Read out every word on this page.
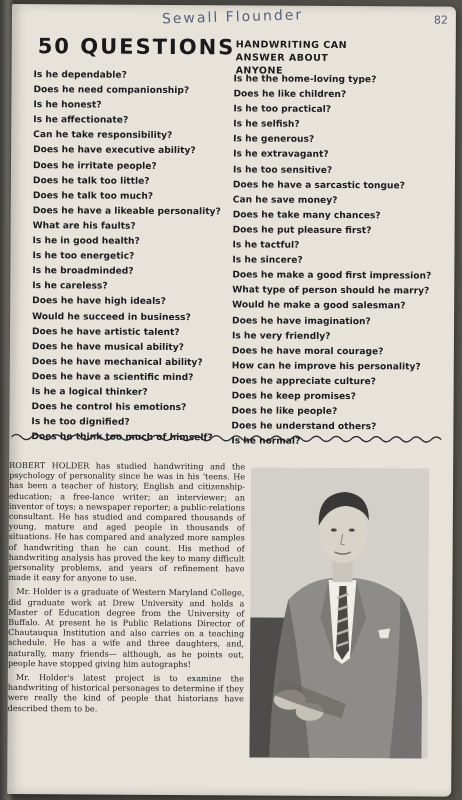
Sewall Flounder	82
50 QUESTIONS HANDWRITING CAN ANSWER ABOUT ANYONE
Is he dependable?
Does he need companionship?
Is he honest?
Is he affectionate?
Can he take responsibility?
Does he have executive ability?
Does he irritate people?
Does he talk too little?
Does he talk too much?
Does he have a likeable personality?
What are his faults?
Is he in good health?
Is he too energetic?
Is he broadminded?
Is he careless?
Does he have high ideals?
Would he succeed in business?
Does he have artistic talent?
Does he have musical ability?
Does he have mechanical ability?
Does he have a scientific mind?
Is he a logical thinker?
Does he control his emotions?
Is he too dignified?
Does he think too much of himself?
Is he the home-loving type?
Does he like children?
Is he too practical?
Is he selfish?
Is he generous?
Is he extravagant?
Is he too sensitive?
Does he have a sarcastic tongue?
Can he save money?
Does he take many chances?
Does he put pleasure first?
Is he tactful?
Is he sincere?
Does he make a good first impression?
What type of person should he marry?
Would he make a good salesman?
Does he have imagination?
Is he very friendly?
Does he have moral courage?
How can he improve his personality?
Does he appreciate culture?
Does he keep promises?
Does he like people?
Does he understand others?
Is he normal?

ROBERT HOLDER has studied handwriting and the psychology of personality since he was in his 'teens. He has been a teacher of history, English and citizenship-education; a free-lance writer; an interviewer; an inventor of toys; a newspaper reporter; a public-relations consultant. He has studied and compared thousands of young, mature and aged people in thousands of situations. He has compared and analyzed more samples of handwriting than he can count. His method of handwriting analysis has proved the key to many difficult personality problems, and years of refinement have made it easy for anyone to use.

Mr. Holder is a graduate of Western Maryland College, did graduate work at Drew University and holds a Master of Education degree from the University of Buffalo. At present he is Public Relations Director of Chautauqua Institution and also carries on a teaching schedule. He has a wife and three daughters, and, naturally, many friends— although, as he points out, people have stopped giving him autographs!

Mr. Holder's latest project is to examine the handwriting of historical personages to determine if they were really the kind of people that historians have described them to be.
